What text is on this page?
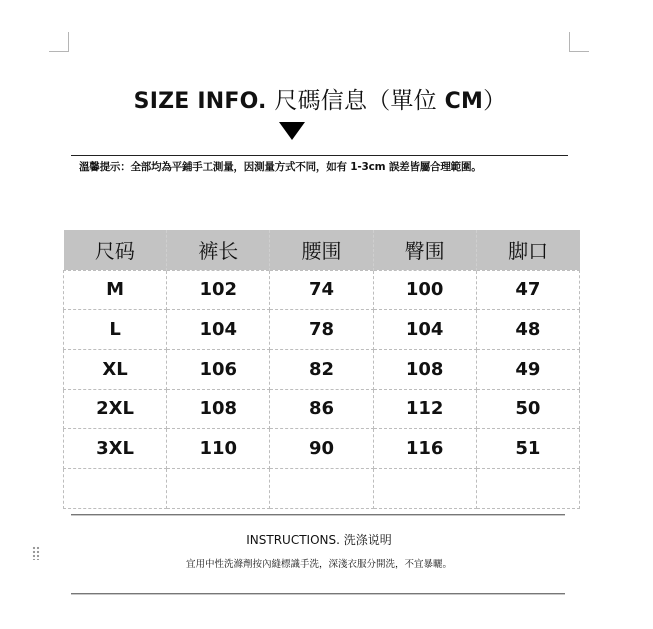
SIZE INFO. 尺碼信息（單位 CM）
溫馨提示：全部均為平鋪手工測量，因測量方式不同，如有 1-3cm 誤差皆屬合理範圍。
尺码	裤长	腰围	臀围	脚口
M	102	74	100	47
L	104	78	104	48
XL	106	82	108	49
2XL	108	86	112	50
3XL	110	90	116	51

INSTRUCTIONS. 洗涤说明
宜用中性洗滌劑按內縫標識手洗，深淺衣服分開洗，不宜暴曬。
